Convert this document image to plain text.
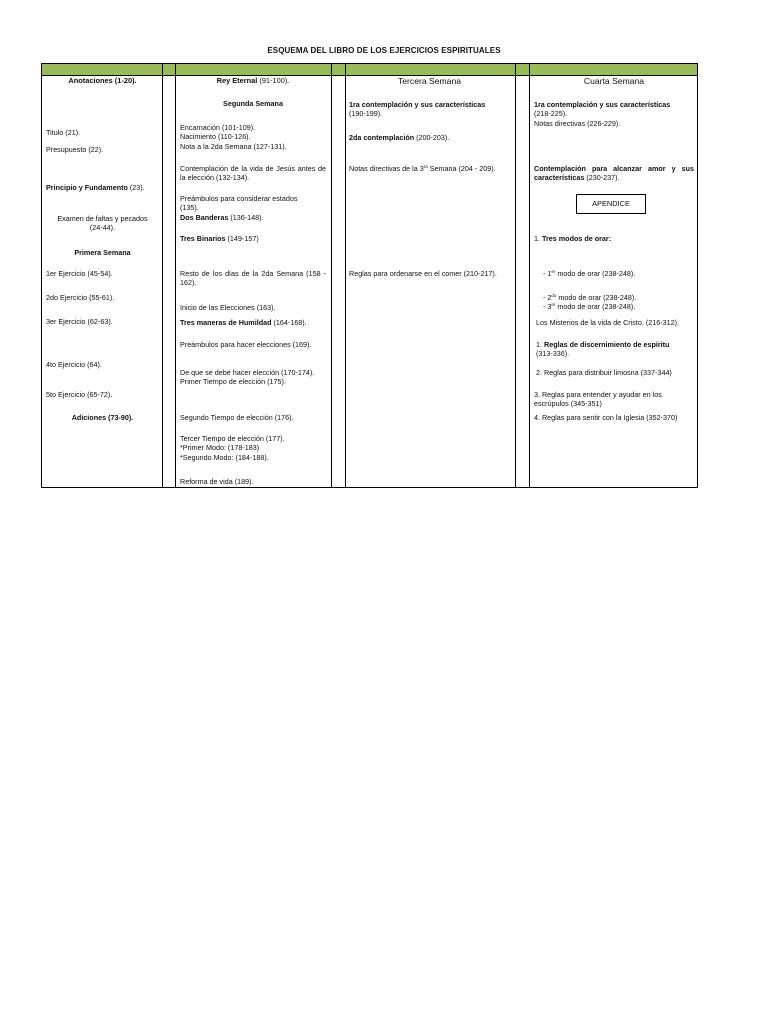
ESQUEMA DEL LIBRO DE LOS EJERCICIOS ESPIRITUALES
Anotaciones (1-20).
Titulo (21).
Presupuesto (22).
Principio y Fundamento (23).
Examen de faltas y pecados
(24-44).
Primera Semana
1er Ejercicio (45-54).
2do Ejercicio (55-61).
3er Ejercicio (62-63).
4to Ejercicio (64).
5to Ejercicio (65-72).
Adiciones (73-90).
Rey Eternal (91-100).
Segunda Semana
Encarnación (101-109).
Nacimiento (110-126).
Nota a la 2da Semana (127-131).
Contemplación de la vida de Jesús antes de la elección (132-134).
Preámbulos para considerar estados
(135).
Dos Banderas (136-148).
Tres Binarios (149-157)
Resto de los días de la 2da Semana (158 - 162).
Inicio de las Elecciones (163).
Tres maneras de Humildad (164-168).
Preámbulos para hacer elecciones (169).
De que se debe hacer elección (170-174).
Primer Tiempo de elección (175).
Segundo Tiempo de elección (176).
Tercer Tiempo de elección (177).
*Primer Modo: (178-183)
*Segundo Modo: (184-188).
Reforma de vida (189).
Tercera Semana
1ra contemplación y sus características
(190-199).
2da contemplación (200-203).
Notas directivas de la $3^{ra}$ Semana (204 - 209).
Reglas para ordenarse en el comer (210-217).
Cuarta Semana
1ra contemplación y sus características
(218-225).
Notas directivas (226-229).
Contemplación para alcanzar amor y sus características (230-237).
APENDICE
1. Tres modos de orar:
- 1er modo de orar (238-248).
- $2^{do}$ modo de orar (238-248).
- 3er modo de orar (238-248).
Los Misterios de la vida de Cristo. (216-312).
1. Reglas de discernimiento de espíritu
(313-336).
2. Reglas para distribuir limosna (337-344)
3. Reglas para entender y ayudar en los escrúpulos (345-351)
4. Reglas para sentir con la Iglesia (352-370)
